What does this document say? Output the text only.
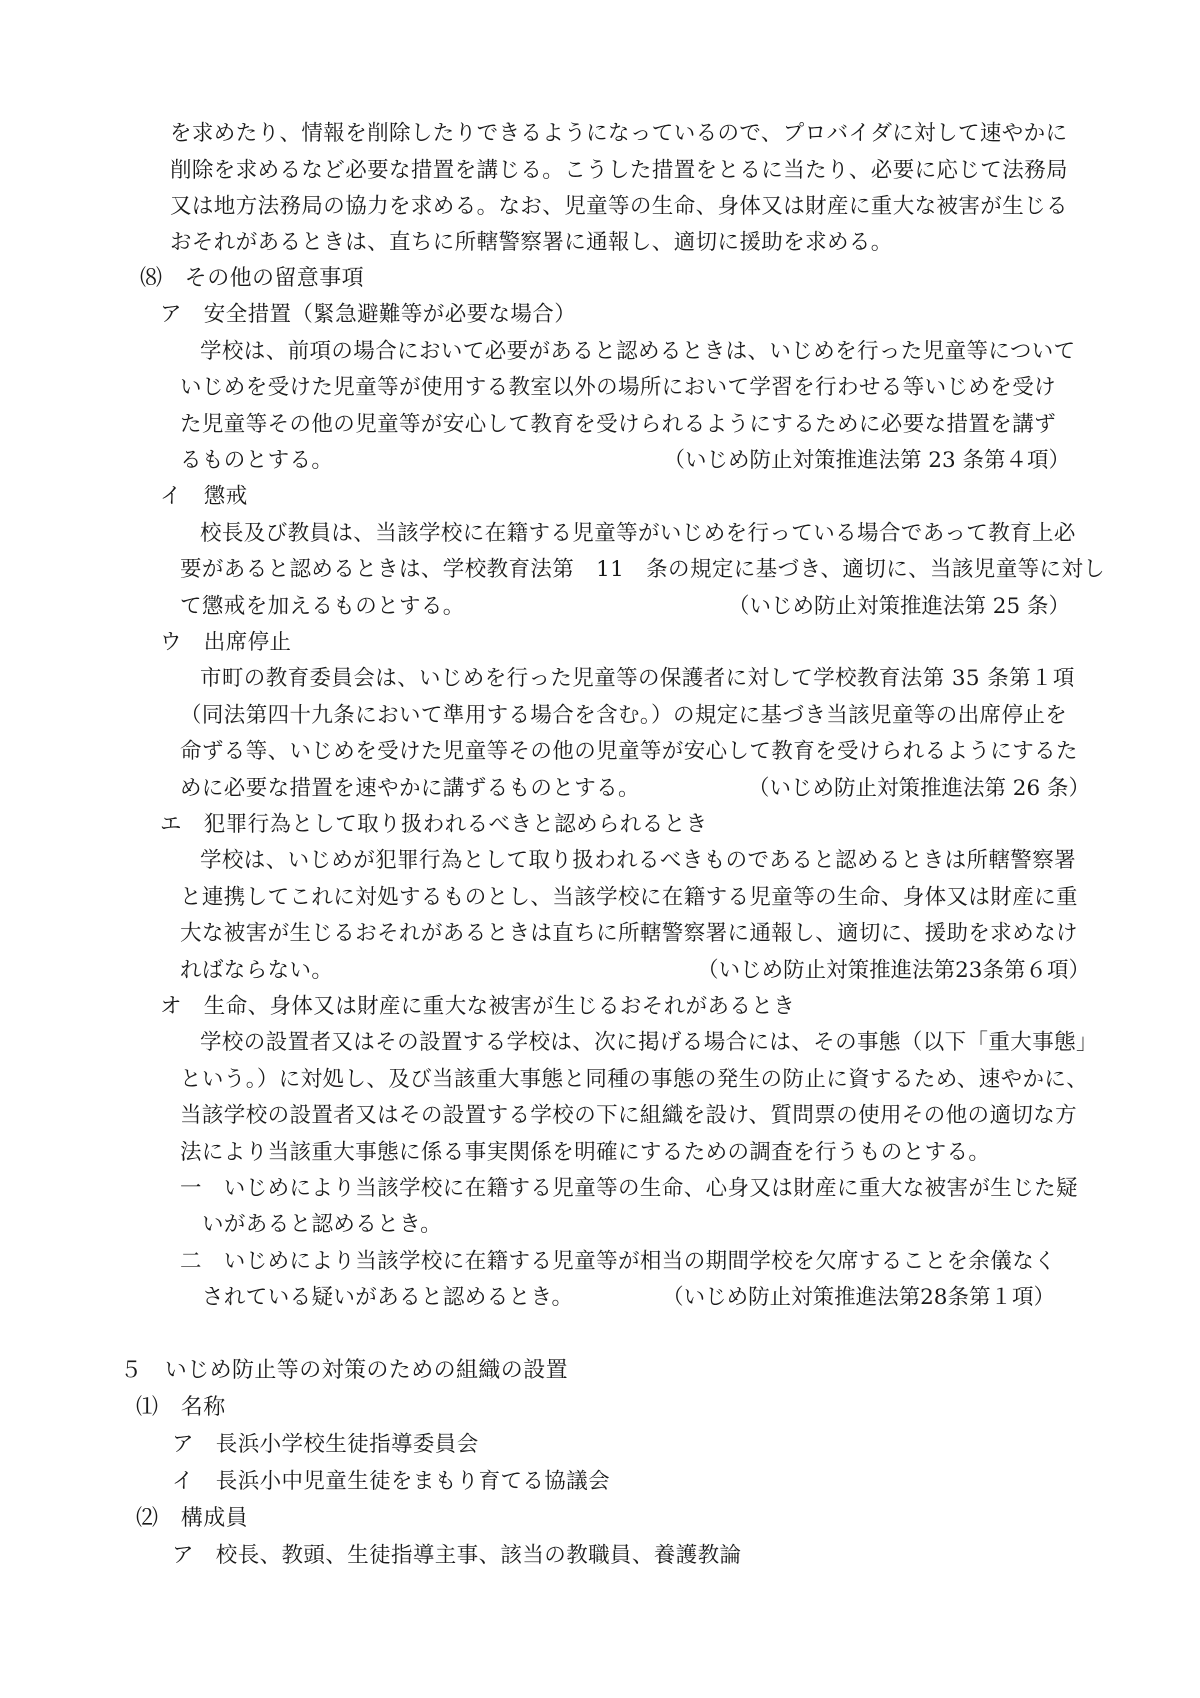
を求めたり、情報を削除したりできるようになっているので、プロバイダに対して速やかに
削除を求めるなど必要な措置を講じる。こうした措置をとるに当たり、必要に応じて法務局
又は地方法務局の協力を求める。なお、児童等の生命、身体又は財産に重大な被害が生じる
おそれがあるときは、直ちに所轄警察署に通報し、適切に援助を求める。
⑻　その他の留意事項
ア　安全措置（緊急避難等が必要な場合）
学校は、前項の場合において必要があると認めるときは、いじめを行った児童等について
いじめを受けた児童等が使用する教室以外の場所において学習を行わせる等いじめを受け
た児童等その他の児童等が安心して教育を受けられるようにするために必要な措置を講ず
るものとする。	（いじめ防止対策推進法第 23 条第４項）
イ　懲戒
校長及び教員は、当該学校に在籍する児童等がいじめを行っている場合であって教育上必
要があると認めるときは、学校教育法第　11　条の規定に基づき、適切に、当該児童等に対し
て懲戒を加えるものとする。	（いじめ防止対策推進法第 25 条）
ウ　出席停止
市町の教育委員会は、いじめを行った児童等の保護者に対して学校教育法第 35 条第１項
（同法第四十九条において準用する場合を含む。）の規定に基づき当該児童等の出席停止を
命ずる等、いじめを受けた児童等その他の児童等が安心して教育を受けられるようにするた
めに必要な措置を速やかに講ずるものとする。	（いじめ防止対策推進法第 26 条）
エ　犯罪行為として取り扱われるべきと認められるとき
学校は、いじめが犯罪行為として取り扱われるべきものであると認めるときは所轄警察署
と連携してこれに対処するものとし、当該学校に在籍する児童等の生命、身体又は財産に重
大な被害が生じるおそれがあるときは直ちに所轄警察署に通報し、適切に、援助を求めなけ
ればならない。	（いじめ防止対策推進法第23条第６項）
オ　生命、身体又は財産に重大な被害が生じるおそれがあるとき
学校の設置者又はその設置する学校は、次に掲げる場合には、その事態（以下「重大事態」
という。）に対処し、及び当該重大事態と同種の事態の発生の防止に資するため、速やかに、
当該学校の設置者又はその設置する学校の下に組織を設け、質問票の使用その他の適切な方
法により当該重大事態に係る事実関係を明確にするための調査を行うものとする。
一　いじめにより当該学校に在籍する児童等の生命、心身又は財産に重大な被害が生じた疑
いがあると認めるとき。
二　いじめにより当該学校に在籍する児童等が相当の期間学校を欠席することを余儀なく
されている疑いがあると認めるとき。	（いじめ防止対策推進法第28条第１項）
５　いじめ防止等の対策のための組織の設置
⑴　名称
ア　長浜小学校生徒指導委員会
イ　長浜小中児童生徒をまもり育てる協議会
⑵　構成員
ア　校長、教頭、生徒指導主事、該当の教職員、養護教論
